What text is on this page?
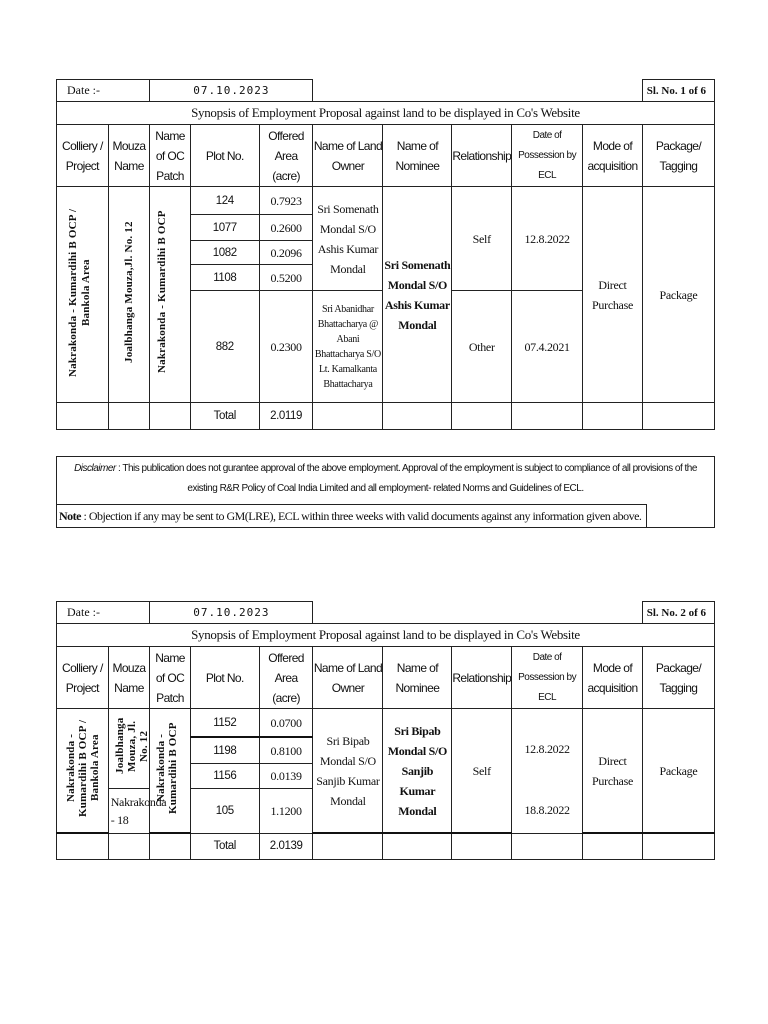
Date :-		07.10.2023								Sl. No. 1 of 6
Synopsis of Employment Proposal against land to be displayed in Co's Website										
Colliery / Project	Mouza Name	Name of OC Patch	Plot No.	Offered Area (acre)	Name of Land Owner	Name of Nominee	Relationship	Date of Possession by ECL	Mode of acquisition	Package/ Tagging
Nakrakonda - Kumardihi B OCP / Bankola Area	Joalbhanga Mouza,Jl. No. 12	Nakrakonda - Kumardihi B OCP	124	0.7923	Sri Somenath Mondal S/O Ashis Kumar Mondal	Sri Somenath Mondal S/O Ashis Kumar Mondal	Self	12.8.2022	Direct Purchase	Package
			1077	0.2600						
			1082	0.2096						
			1108	0.5200						
			882	0.2300	Sri Abanidhar Bhattacharya @ Abani Bhattacharya S/O Lt. Kamalkanta Bhattacharya		Other	07.4.2021		
			Total	2.0119						
Disclaimer : This publication does not gurantee approval of the above employment. Approval of the employment is subject to compliance of all provisions of the existing R&R Policy of Coal India Limited and all employment- related Norms and Guidelines of ECL.
Note : Objection if any may be sent to GM(LRE), ECL within three weeks with valid documents against any information given above.
Date :-		07.10.2023								Sl. No. 2 of 6
Synopsis of Employment Proposal against land to be displayed in Co's Website										
Colliery / Project	Mouza Name	Name of OC Patch	Plot No.	Offered Area (acre)	Name of Land Owner	Name of Nominee	Relationship	Date of Possession by ECL	Mode of acquisition	Package/ Tagging
Nakrakonda - Kumardihi B OCP / Bankola Area	Joalbhanga Mouza, Jl. No. 12	Nakrakonda - Kumardihi B OCP	1152	0.0700	Sri Bipab Mondal S/O Sanjib Kumar Mondal	Sri Bipab Mondal S/O Sanjib Kumar Mondal	Self	12.8.2022	Direct Purchase	Package
			1198	0.8100						
			1156	0.0139						
	Nakrakonda - 18		105	1.1200				18.8.2022		
			Total	2.0139						
